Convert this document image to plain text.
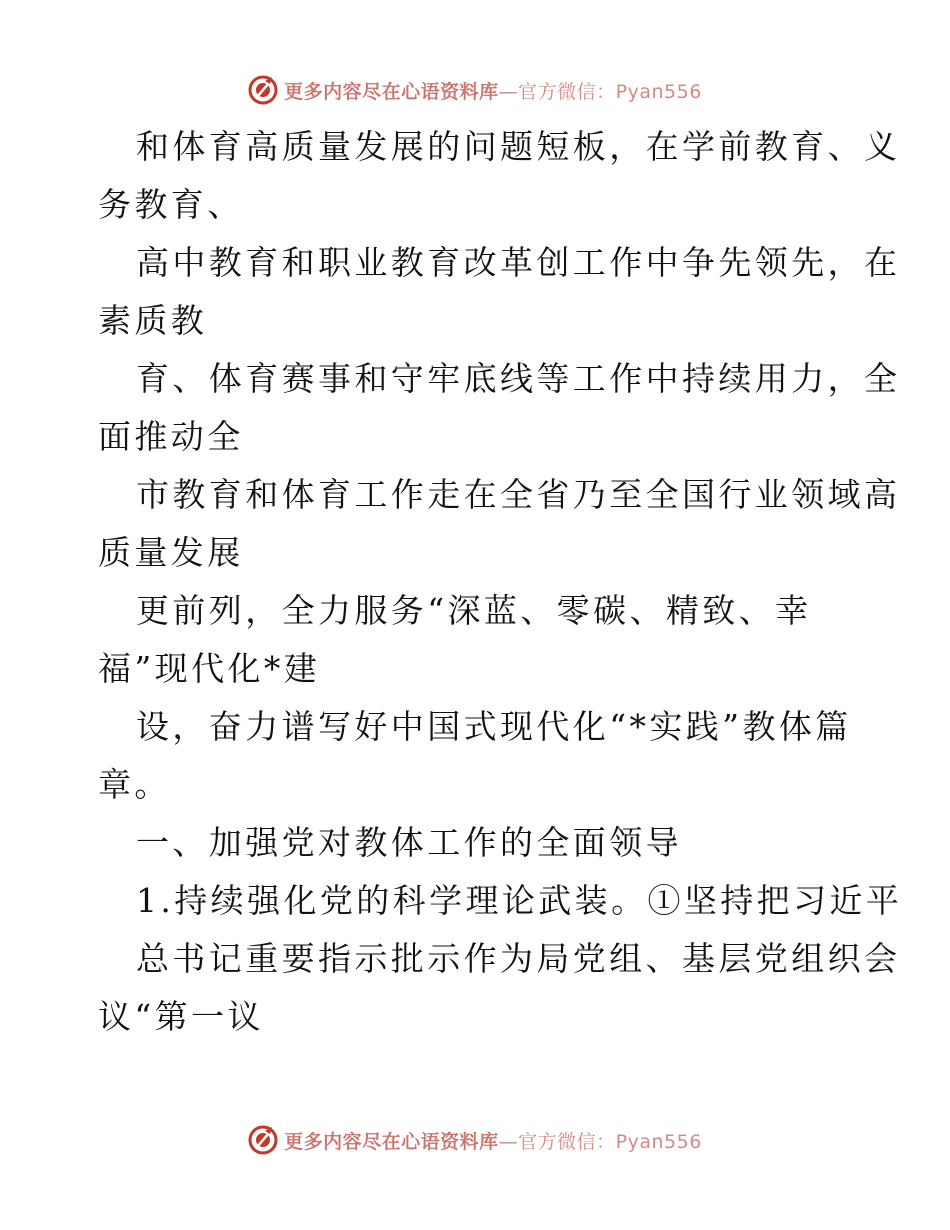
更多内容尽在心语资料库—官方微信：Pyan556
和体育高质量发展的问题短板，在学前教育、义
务教育、
高中教育和职业教育改革创工作中争先领先，在
素质教
育、体育赛事和守牢底线等工作中持续用力，全
面推动全
市教育和体育工作走在全省乃至全国行业领域高
质量发展
更前列，全力服务“深蓝、零碳、精致、幸
福”现代化*建
设，奋力谱写好中国式现代化“*实践”教体篇
章。
一、加强党对教体工作的全面领导
1.持续强化党的科学理论武装。①坚持把习近平
总书记重要指示批示作为局党组、基层党组织会
议“第一议
更多内容尽在心语资料库—官方微信：Pyan556
